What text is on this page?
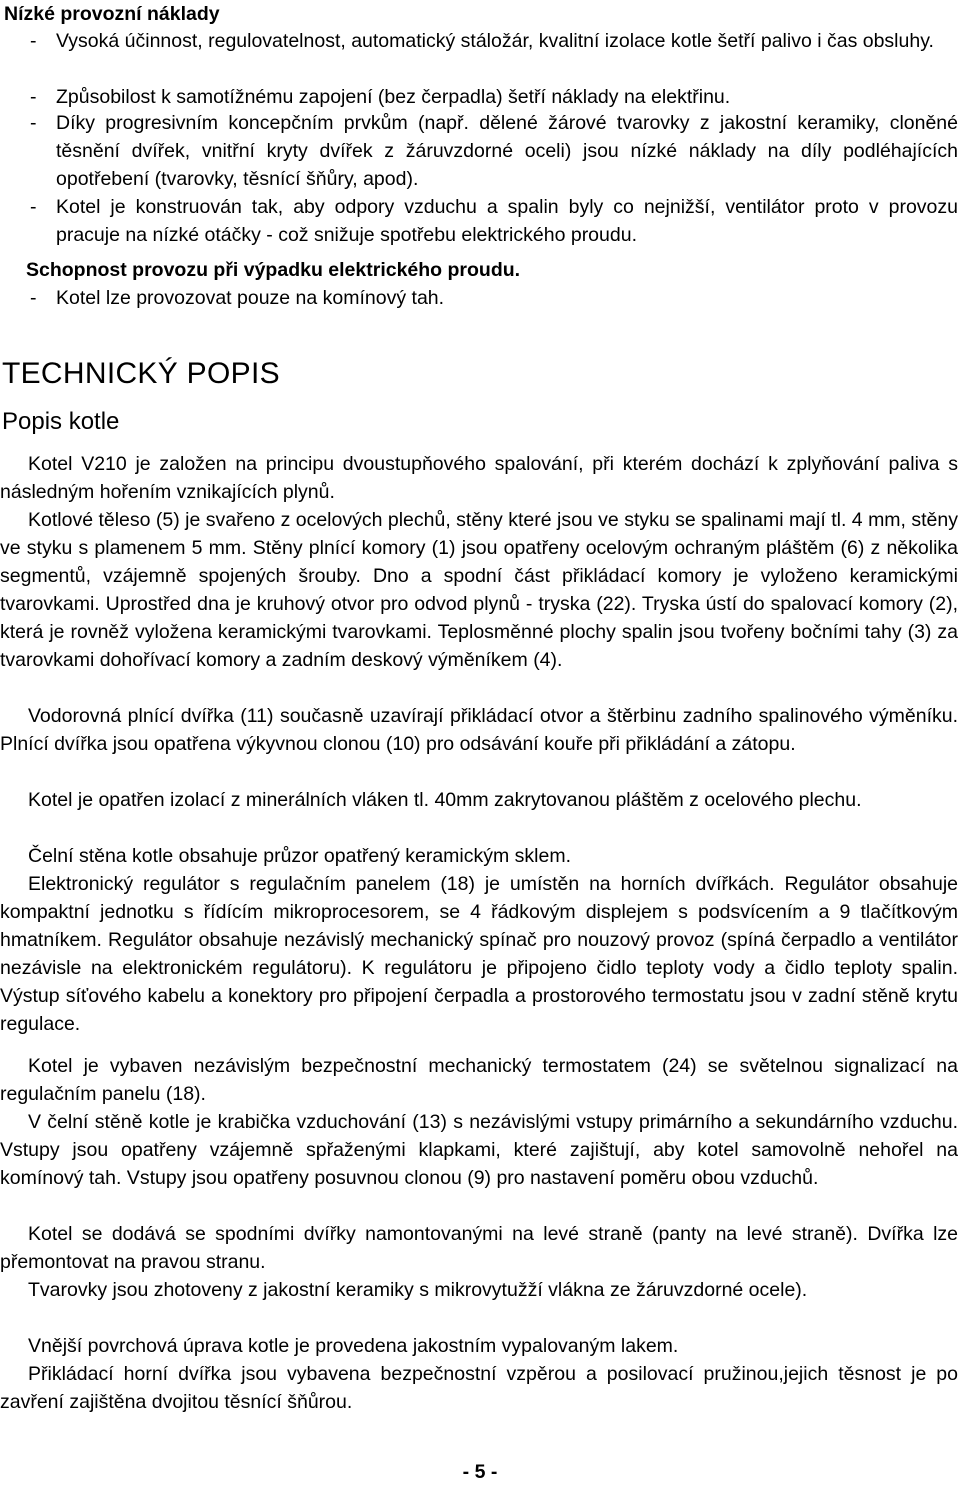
Nízké provozní náklady
- Vysoká účinnost, regulovatelnost, automatický stáložár, kvalitní izolace kotle šetří palivo i čas obsluhy.
- Způsobilost k samotížnému zapojení (bez čerpadla) šetří náklady na elektřinu.
- Díky progresivním koncepčním prvkům (např. dělené žárové tvarovky z jakostní keramiky, cloněné těsnění dvířek, vnitřní kryty dvířek z žáruvzdorné oceli) jsou nízké náklady na díly podléhajících opotřebení (tvarovky, těsnící šňůry, apod).
- Kotel je konstruován tak, aby odpory vzduchu a spalin byly co nejnižší, ventilátor proto v provozu pracuje na nízké otáčky - což snižuje spotřebu elektrického proudu.
Schopnost provozu při výpadku elektrického proudu.
- Kotel lze provozovat pouze na komínový tah.
TECHNICKÝ POPIS
Popis kotle

Kotel V210 je založen na principu dvoustupňového spalování, při kterém dochází k zplyňování paliva s následným hořením vznikajících plynů.

Kotlové těleso (5) je svařeno z ocelových plechů, stěny které jsou ve styku se spalinami mají tl. 4 mm, stěny ve styku s plamenem 5 mm. Stěny plnící komory (1) jsou opatřeny ocelovým ochraným pláštěm (6) z několika segmentů, vzájemně spojených šrouby. Dno a spodní část přikládací komory je vyloženo keramickými tvarovkami. Uprostřed dna je kruhový otvor pro odvod plynů - tryska (22). Tryska ústí do spalovací komory (2), která je rovněž vyložena keramickými tvarovkami. Teplosměnné plochy spalin jsou tvořeny bočními tahy (3) za tvarovkami dohořívací komory a zadním deskový výměníkem (4).

Vodorovná plnící dvířka (11) současně uzavírají přikládací otvor a štěrbinu zadního spalinového výměníku. Plnící dvířka jsou opatřena výkyvnou clonou (10) pro odsávání kouře při přikládání a zátopu.

Kotel je opatřen izolací z minerálních vláken tl. 40mm zakrytovanou pláštěm z ocelového plechu.

Čelní stěna kotle obsahuje průzor opatřený keramickým sklem.

Elektronický regulátor s regulačním panelem (18) je umístěn na horních dvířkách. Regulátor obsahuje kompaktní jednotku s řídícím mikroprocesorem, se 4 řádkovým displejem s podsvícením a 9 tlačítkovým hmatníkem. Regulátor obsahuje nezávislý mechanický spínač pro nouzový provoz (spíná čerpadlo a ventilátor nezávisle na elektronickém regulátoru). K regulátoru je připojeno čidlo teploty vody a čidlo teploty spalin. Výstup síťového kabelu a konektory pro připojení čerpadla a prostorového termostatu jsou v zadní stěně krytu regulace.

Kotel je vybaven nezávislým bezpečnostní mechanický termostatem (24) se světelnou signalizací na regulačním panelu (18).

V čelní stěně kotle je krabička vzduchování (13) s nezávislými vstupy primárního a sekundárního vzduchu. Vstupy jsou opatřeny vzájemně spřaženými klapkami, které zajištují, aby kotel samovolně nehořel na komínový tah. Vstupy jsou opatřeny posuvnou clonou (9) pro nastavení poměru obou vzduchů.

Kotel se dodává se spodními dvířky namontovanými na levé straně (panty na levé straně). Dvířka lze přemontovat na pravou stranu.

Tvarovky jsou zhotoveny z jakostní keramiky s mikrovytužží vlákna ze žáruvzdorné ocele).

Vnější povrchová úprava kotle je provedena jakostním vypalovaným lakem.

Přikládací horní dvířka jsou vybavena bezpečnostní vzpěrou a posilovací pružinou,jejich těsnost je po zavření zajištěna dvojitou těsnící šňůrou.

- 5 -
